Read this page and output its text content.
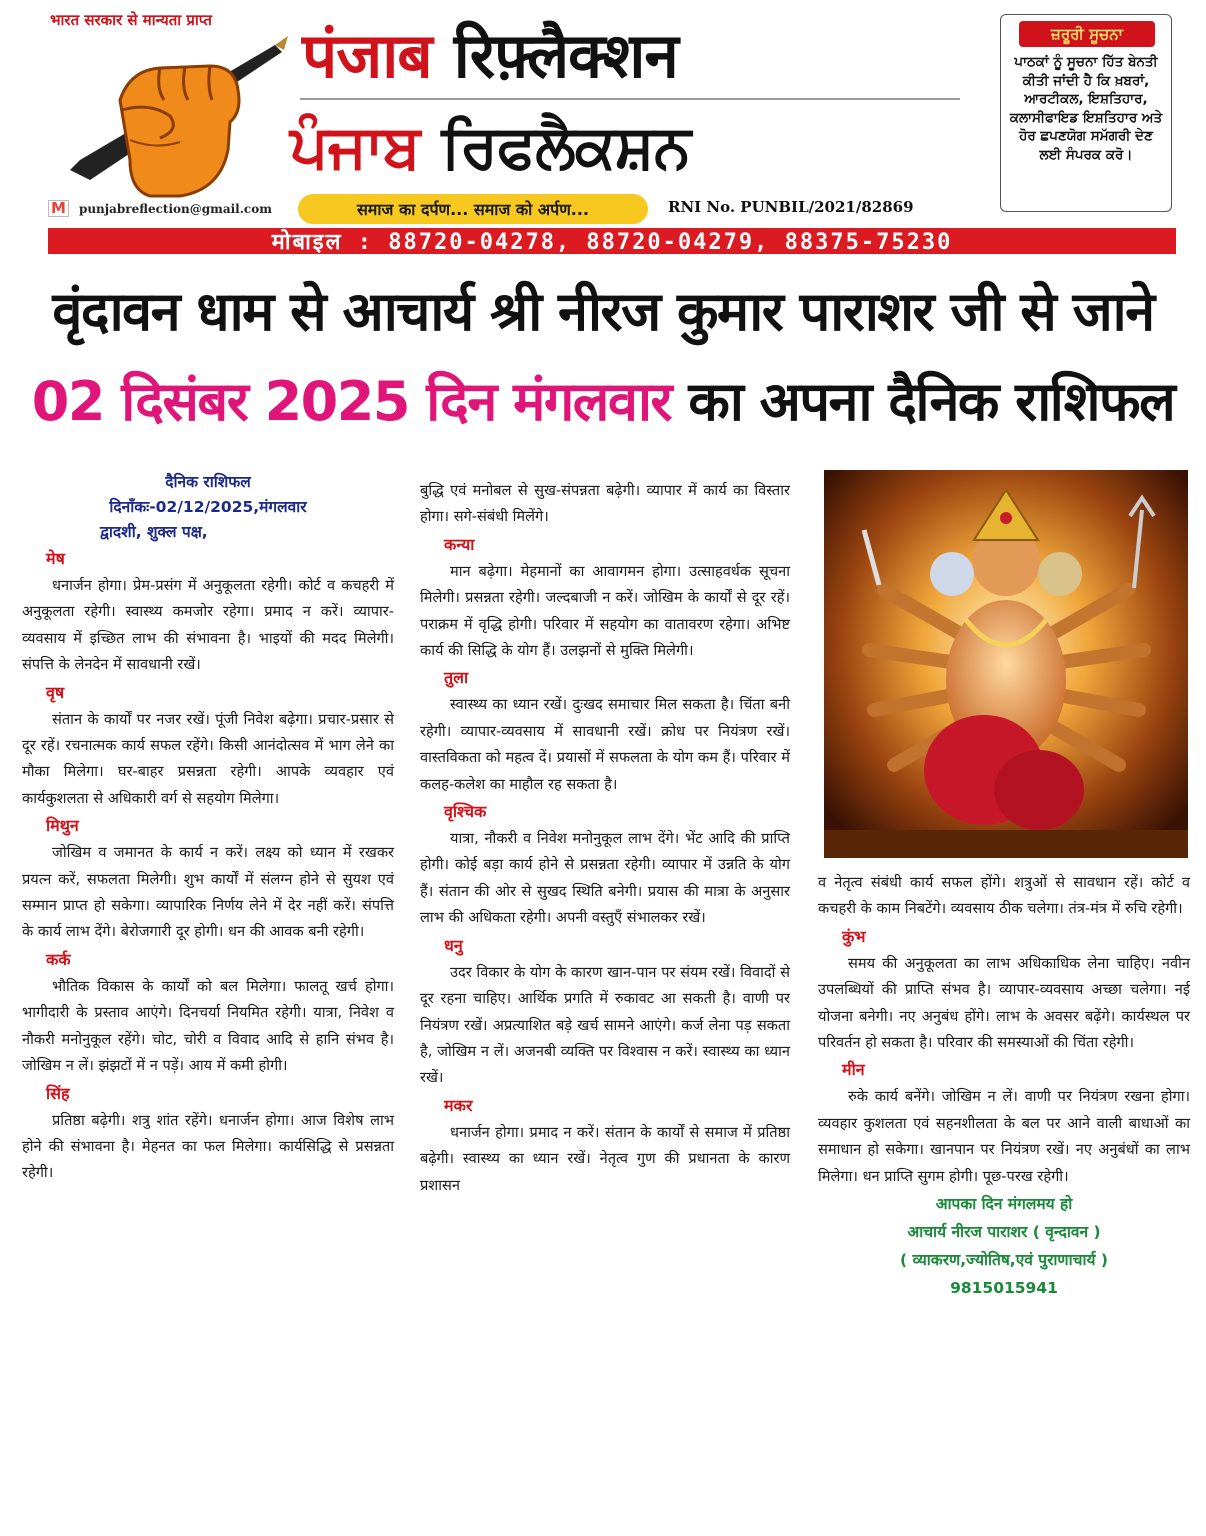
भारत सरकार से मान्यता प्राप्त
M punjabreflection@gmail.com
पंजाब रिफ़्लैक्शन
ਪੰਜਾਬ ਰਿਫਲੈਕਸ਼ਨ
समाज का दर्पण... समाज को अर्पण...	RNI No. PUNBIL/2021/82869
ਜ਼ਰੂਰੀ ਸੂਚਨਾ
ਪਾਠਕਾਂ ਨੂੰ ਸੂਚਨਾ ਹਿੱਤ ਬੇਨਤੀ ਕੀਤੀ ਜਾਂਦੀ ਹੈ ਕਿ ਖ਼ਬਰਾਂ, ਆਰਟੀਕਲ, ਇਸ਼ਤਿਹਾਰ, ਕਲਾਸੀਫਾਇਡ ਇਸ਼ਤਿਹਾਰ ਅਤੇ ਹੋਰ ਛਪਣਯੋਗ ਸਮੱਗਰੀ ਦੇਣ ਲਈ ਸੰਪਰਕ ਕਰੋ।
मोबाइल : 88720-04278, 88720-04279, 88375-75230
वृंदावन धाम से आचार्य श्री नीरज कुमार पाराशर जी से जाने
02 दिसंबर 2025 दिन मंगलवार का अपना दैनिक राशिफल
दैनिक राशिफल
दिनाँकः-02/12/2025,मंगलवार
द्वादशी, शुक्ल पक्ष,
मेष

धनार्जन होगा। प्रेम-प्रसंग में अनुकूलता रहेगी। कोर्ट व कचहरी में अनुकूलता रहेगी। स्वास्थ्य कमजोर रहेगा। प्रमाद न करें। व्यापार-व्यवसाय में इच्छित लाभ की संभावना है। भाइयों की मदद मिलेगी। संपत्ति के लेनदेन में सावधानी रखें।

वृष

संतान के कार्यों पर नजर रखें। पूंजी निवेश बढ़ेगा। प्रचार-प्रसार से दूर रहें। रचनात्मक कार्य सफल रहेंगे। किसी आनंदोत्सव में भाग लेने का मौका मिलेगा। घर-बाहर प्रसन्नता रहेगी। आपके व्यवहार एवं कार्यकुशलता से अधिकारी वर्ग से सहयोग मिलेगा।

मिथुन

जोखिम व जमानत के कार्य न करें। लक्ष्य को ध्यान में रखकर प्रयत्न करें, सफलता मिलेगी। शुभ कार्यों में संलग्न होने से सुयश एवं सम्मान प्राप्त हो सकेगा। व्यापारिक निर्णय लेने में देर नहीं करें। संपत्ति के कार्य लाभ देंगे। बेरोजगारी दूर होगी। धन की आवक बनी रहेगी।

कर्क

भौतिक विकास के कार्यों को बल मिलेगा। फालतू खर्च होगा। भागीदारी के प्रस्ताव आएंगे। दिनचर्या नियमित रहेगी। यात्रा, निवेश व नौकरी मनोनुकूल रहेंगे। चोट, चोरी व विवाद आदि से हानि संभव है। जोखिम न लें। झंझटों में न पड़ें। आय में कमी होगी।

सिंह

प्रतिष्ठा बढ़ेगी। शत्रु शांत रहेंगे। धनार्जन होगा। आज विशेष लाभ होने की संभावना है। मेहनत का फल मिलेगा। कार्यसिद्धि से प्रसन्नता रहेगी।

बुद्धि एवं मनोबल से सुख-संपन्नता बढ़ेगी। व्यापार में कार्य का विस्तार होगा। सगे-संबंधी मिलेंगे।

कन्या

मान बढ़ेगा। मेहमानों का आवागमन होगा। उत्साहवर्धक सूचना मिलेगी। प्रसन्नता रहेगी। जल्दबाजी न करें। जोखिम के कार्यों से दूर रहें। पराक्रम में वृद्धि होगी। परिवार में सहयोग का वातावरण रहेगा। अभिष्ट कार्य की सिद्धि के योग हैं। उलझनों से मुक्ति मिलेगी।

तुला

स्वास्थ्य का ध्यान रखें। दुःखद समाचार मिल सकता है। चिंता बनी रहेगी। व्यापार-व्यवसाय में सावधानी रखें। क्रोध पर नियंत्रण रखें। वास्तविकता को महत्व दें। प्रयासों में सफलता के योग कम हैं। परिवार में कलह-कलेश का माहौल रह सकता है।

वृश्चिक

यात्रा, नौकरी व निवेश मनोनुकूल लाभ देंगे। भेंट आदि की प्राप्ति होगी। कोई बड़ा कार्य होने से प्रसन्नता रहेगी। व्यापार में उन्नति के योग हैं। संतान की ओर से सुखद स्थिति बनेगी। प्रयास की मात्रा के अनुसार लाभ की अधिकता रहेगी। अपनी वस्तुएँ संभालकर रखें।

धनु

उदर विकार के योग के कारण खान-पान पर संयम रखें। विवादों से दूर रहना चाहिए। आर्थिक प्रगति में रुकावट आ सकती है। वाणी पर नियंत्रण रखें। अप्रत्याशित बड़े खर्च सामने आएंगे। कर्ज लेना पड़ सकता है, जोखिम न लें। अजनबी व्यक्ति पर विश्वास न करें। स्वास्थ्य का ध्यान रखें।

मकर

धनार्जन होगा। प्रमाद न करें। संतान के कार्यों से समाज में प्रतिष्ठा बढ़ेगी। स्वास्थ्य का ध्यान रखें। नेतृत्व गुण की प्रधानता के कारण प्रशासन

व नेतृत्व संबंधी कार्य सफल होंगे। शत्रुओं से सावधान रहें। कोर्ट व कचहरी के काम निबटेंगे। व्यवसाय ठीक चलेगा। तंत्र-मंत्र में रुचि रहेगी।

कुंभ

समय की अनुकूलता का लाभ अधिकाधिक लेना चाहिए। नवीन उपलब्धियों की प्राप्ति संभव है। व्यापार-व्यवसाय अच्छा चलेगा। नई योजना बनेगी। नए अनुबंध होंगे। लाभ के अवसर बढ़ेंगे। कार्यस्थल पर परिवर्तन हो सकता है। परिवार की समस्याओं की चिंता रहेगी।

मीन

रुके कार्य बनेंगे। जोखिम न लें। वाणी पर नियंत्रण रखना होगा। व्यवहार कुशलता एवं सहनशीलता के बल पर आने वाली बाधाओं का समाधान हो सकेगा। खानपान पर नियंत्रण रखें। नए अनुबंधों का लाभ मिलेगा। धन प्राप्ति सुगम होगी। पूछ-परख रहेगी।

आपका दिन मंगलमय हो
आचार्य नीरज पाराशर ( वृन्दावन )
( व्याकरण,ज्योतिष,एवं पुराणाचार्य )
9815015941
